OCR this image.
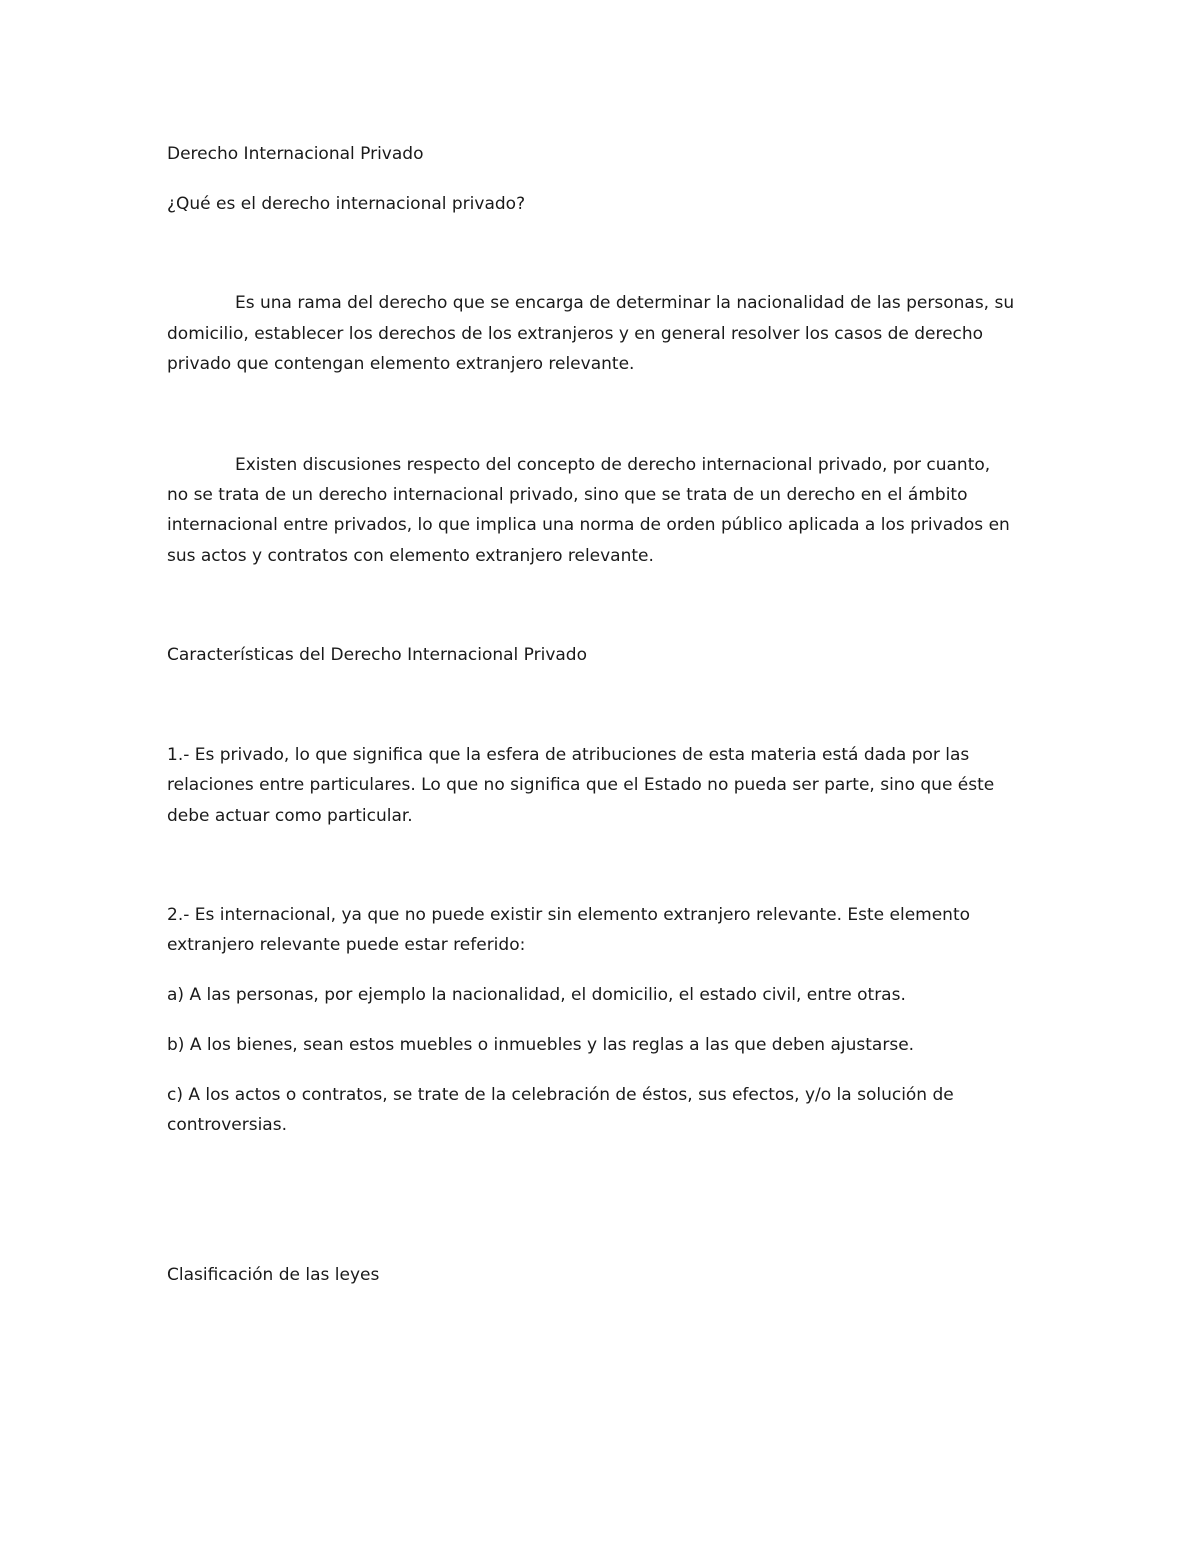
Derecho Internacional Privado
¿Qué es el derecho internacional privado?
Es una rama del derecho que se encarga de determinar la nacionalidad de las personas, su
domicilio, establecer los derechos de los extranjeros y en general resolver los casos de derecho
privado que contengan elemento extranjero relevante.
Existen discusiones respecto del concepto de derecho internacional privado, por cuanto,
no se trata de un derecho internacional privado, sino que se trata de un derecho en el ámbito
internacional entre privados, lo que implica una norma de orden público aplicada a los privados en
sus actos y contratos con elemento extranjero relevante.
Características del Derecho Internacional Privado
1.- Es privado, lo que significa que la esfera de atribuciones de esta materia está dada por las
relaciones entre particulares. Lo que no significa que el Estado no pueda ser parte, sino que éste
debe actuar como particular.
2.- Es internacional, ya que no puede existir sin elemento extranjero relevante. Este elemento
extranjero relevante puede estar referido:
a) A las personas, por ejemplo la nacionalidad, el domicilio, el estado civil, entre otras.
b) A los bienes, sean estos muebles o inmuebles y las reglas a las que deben ajustarse.
c) A los actos o contratos, se trate de la celebración de éstos, sus efectos, y/o la solución de
controversias.
Clasificación de las leyes
